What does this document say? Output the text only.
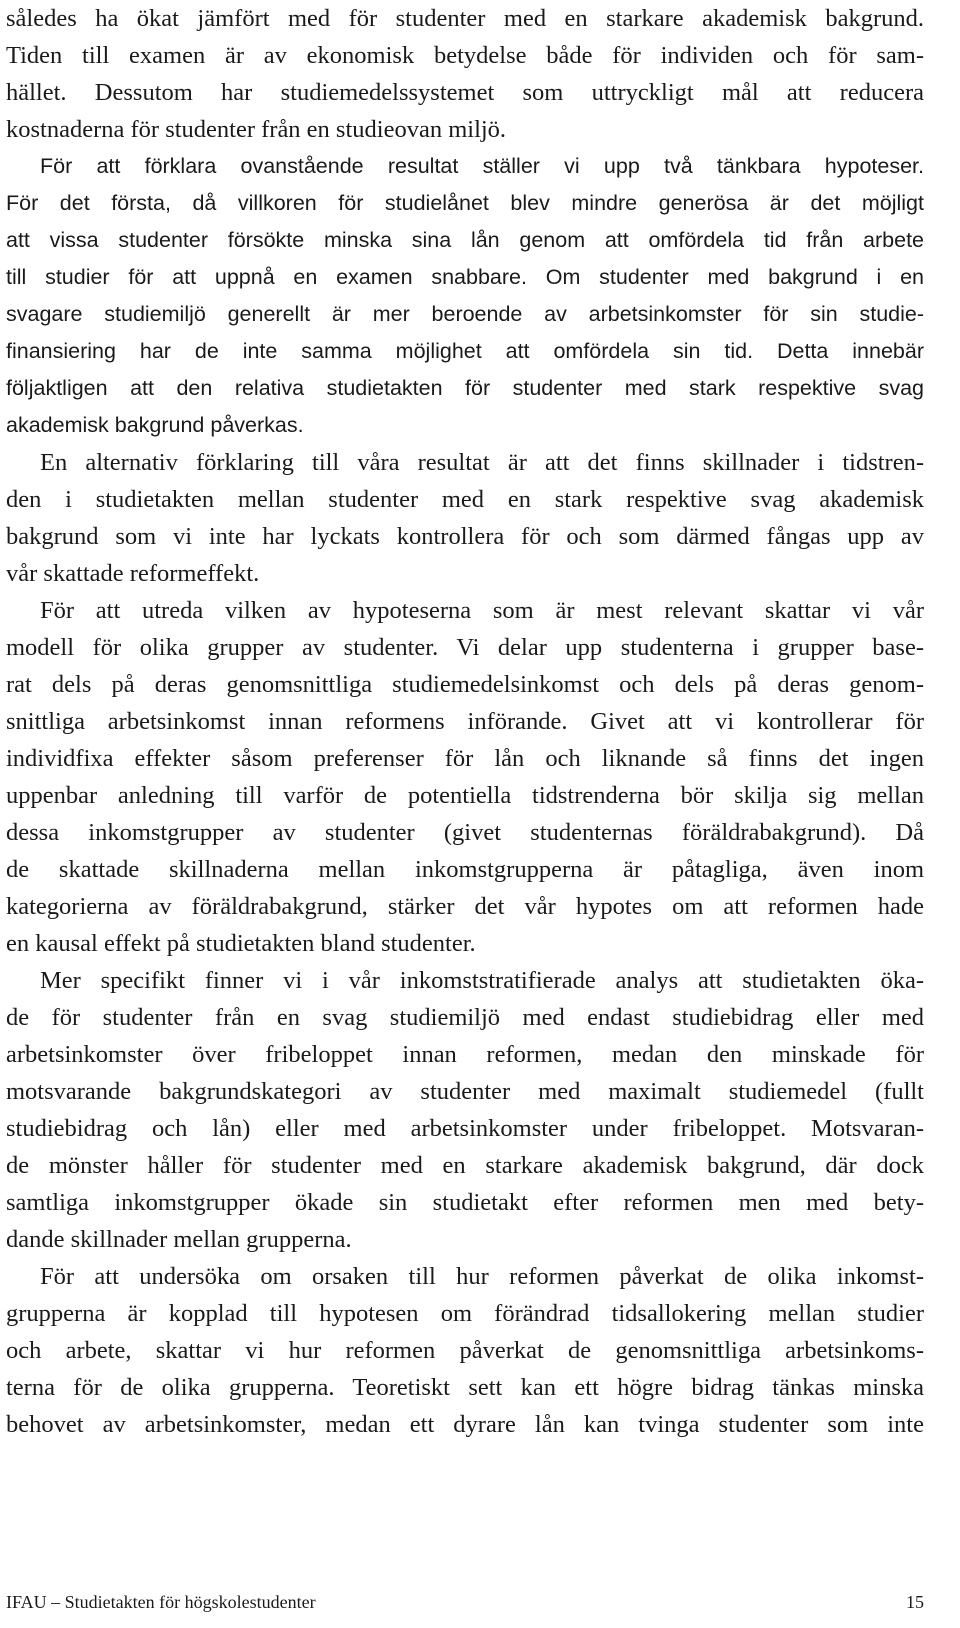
således ha ökat jämfört med för studenter med en starkare akademisk bakgrund.
Tiden till examen är av ekonomisk betydelse både för individen och för sam-
hället. Dessutom har studiemedelssystemet som uttryckligt mål att reducera
kostnaderna för studenter från en studieovan miljö.
För att förklara ovanstående resultat ställer vi upp två tänkbara hypoteser.
För det första, då villkoren för studielånet blev mindre generösa är det möjligt
att vissa studenter försökte minska sina lån genom att omfördela tid från arbete
till studier för att uppnå en examen snabbare. Om studenter med bakgrund i en
svagare studiemiljö generellt är mer beroende av arbetsinkomster för sin studie-
finansiering har de inte samma möjlighet att omfördela sin tid. Detta innebär
följaktligen att den relativa studietakten för studenter med stark respektive svag
akademisk bakgrund påverkas.
En alternativ förklaring till våra resultat är att det finns skillnader i tidstren-
den i studietakten mellan studenter med en stark respektive svag akademisk
bakgrund som vi inte har lyckats kontrollera för och som därmed fångas upp av
vår skattade reformeffekt.
För att utreda vilken av hypoteserna som är mest relevant skattar vi vår
modell för olika grupper av studenter. Vi delar upp studenterna i grupper base-
rat dels på deras genomsnittliga studiemedelsinkomst och dels på deras genom-
snittliga arbetsinkomst innan reformens införande. Givet att vi kontrollerar för
individfixa effekter såsom preferenser för lån och liknande så finns det ingen
uppenbar anledning till varför de potentiella tidstrenderna bör skilja sig mellan
dessa inkomstgrupper av studenter (givet studenternas föräldrabakgrund). Då
de skattade skillnaderna mellan inkomstgrupperna är påtagliga, även inom
kategorierna av föräldrabakgrund, stärker det vår hypotes om att reformen hade
en kausal effekt på studietakten bland studenter.
Mer specifikt finner vi i vår inkomststratifierade analys att studietakten öka-
de för studenter från en svag studiemiljö med endast studiebidrag eller med
arbetsinkomster över fribeloppet innan reformen, medan den minskade för
motsvarande bakgrundskategori av studenter med maximalt studiemedel (fullt
studiebidrag och lån) eller med arbetsinkomster under fribeloppet. Motsvaran-
de mönster håller för studenter med en starkare akademisk bakgrund, där dock
samtliga inkomstgrupper ökade sin studietakt efter reformen men med bety-
dande skillnader mellan grupperna.
För att undersöka om orsaken till hur reformen påverkat de olika inkomst-
grupperna är kopplad till hypotesen om förändrad tidsallokering mellan studier
och arbete, skattar vi hur reformen påverkat de genomsnittliga arbetsinkoms-
terna för de olika grupperna. Teoretiskt sett kan ett högre bidrag tänkas minska
behovet av arbetsinkomster, medan ett dyrare lån kan tvinga studenter som inte
IFAU – Studietakten för högskolestudenter	15
